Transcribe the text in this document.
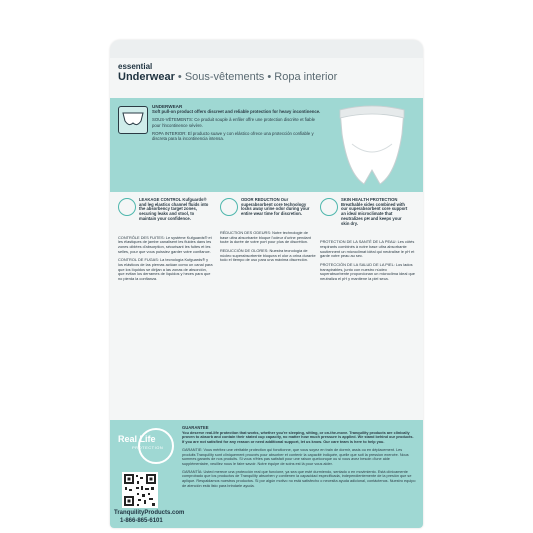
essential
Underwear • Sous-vêtements • Ropa interior

UNDERWEAR
Soft pull-on product offers discreet and reliable protection for heavy incontinence.

SOUS-VÊTEMENTS: Ce produit souple à enfiler offre une protection discrète et fiable pour l'incontinence sévère.

ROPA INTERIOR: El producto suave y con elástico ofrece una protección confiable y discreta para la incontinencia intensa.

LEAKAGE CONTROL Kufguards® and leg elastics channel fluids into the absorbency target zones, securing leaks and stool, to maintain your confidence.

CONTRÔLE DES FUITES: Le système Kufguards® et les élastiques de jambe canalisent les fluides dans les zones ciblées d'absorption, sécurisant les fuites et les selles, pour que vous puissiez garder votre confiance.

CONTROL DE FUGAS: La tecnología Kufguards® y los elásticos de las piernas actúan como un canal para que los líquidos se dirijan a las zonas de absorción, que evitan los derrames de líquidos y heces para que no pierda la confianza.

ODOR REDUCTION Our superabsorbent core technology locks away urine odor during your entire wear time for discretion.

RÉDUCTION DES ODEURS: Notre technologie de base ultra absorbante bloque l'odeur d'urine pendant toute la durée de votre port pour plus de discrétion.

REDUCCIÓN DE OLORES: Nuestra tecnología de núcleo superabsorbente bloquea el olor a orina durante todo el tiempo de uso para una máxima discreción.

SKIN HEALTH PROTECTION Breathable sides combined with our superabsorbent core support an ideal microclimate that neutralizes pH and keeps your skin dry.

PROTECTION DE LA SANTÉ DE LA PEAU: Les côtés respirants combinés à notre base ultra absorbante soutiennent un microclimat idéal qui neutralise le pH et garde votre peau au sec.

PROTECCIÓN DE LA SALUD DE LA PIEL: Los lados transpirables, junto con nuestro núcleo superabsorbente proporcionan un microclima ideal que neutraliza el pH y mantiene la piel seca.

Real Life
PROTECTION
TranquilityProducts.com
1-866-865-6101

GUARANTEE
You deserve real-life protection that works, whether you're sleeping, sitting, or on-the-move. Tranquility products are clinically proven to absorb and contain their stated cup capacity, no matter how much pressure is applied. We stand behind our products. If you are not satisfied for any reason or need additional support, let us know. Our care team is here to help you.

GARANTIE: Vous méritez une véritable protection qui fonctionne, que vous soyez en train de dormir, assis ou en déplacement. Les produits Tranquility sont cliniquement prouvés pour absorber et contenir la capacité indiquée, quelle que soit la pression exercée. Nous sommes garants de nos produits. Si vous n'êtes pas satisfait pour une raison quelconque ou si vous avez besoin d'une aide supplémentaire, veuillez nous le faire savoir. Notre équipe de soins est là pour vous aider.

GARANTÍA: Usted merece una protección real que funcione, ya sea que esté durmiendo, sentado o en movimiento. Está clínicamente comprobado que los productos de Tranquility absorben y contienen la capacidad especificada, independientemente de la presión que se aplique. Respaldamos nuestros productos. Si por algún motivo no está satisfecho o necesita ayuda adicional, contáctenos. Nuestro equipo de atención está listo para brindarle ayuda.
